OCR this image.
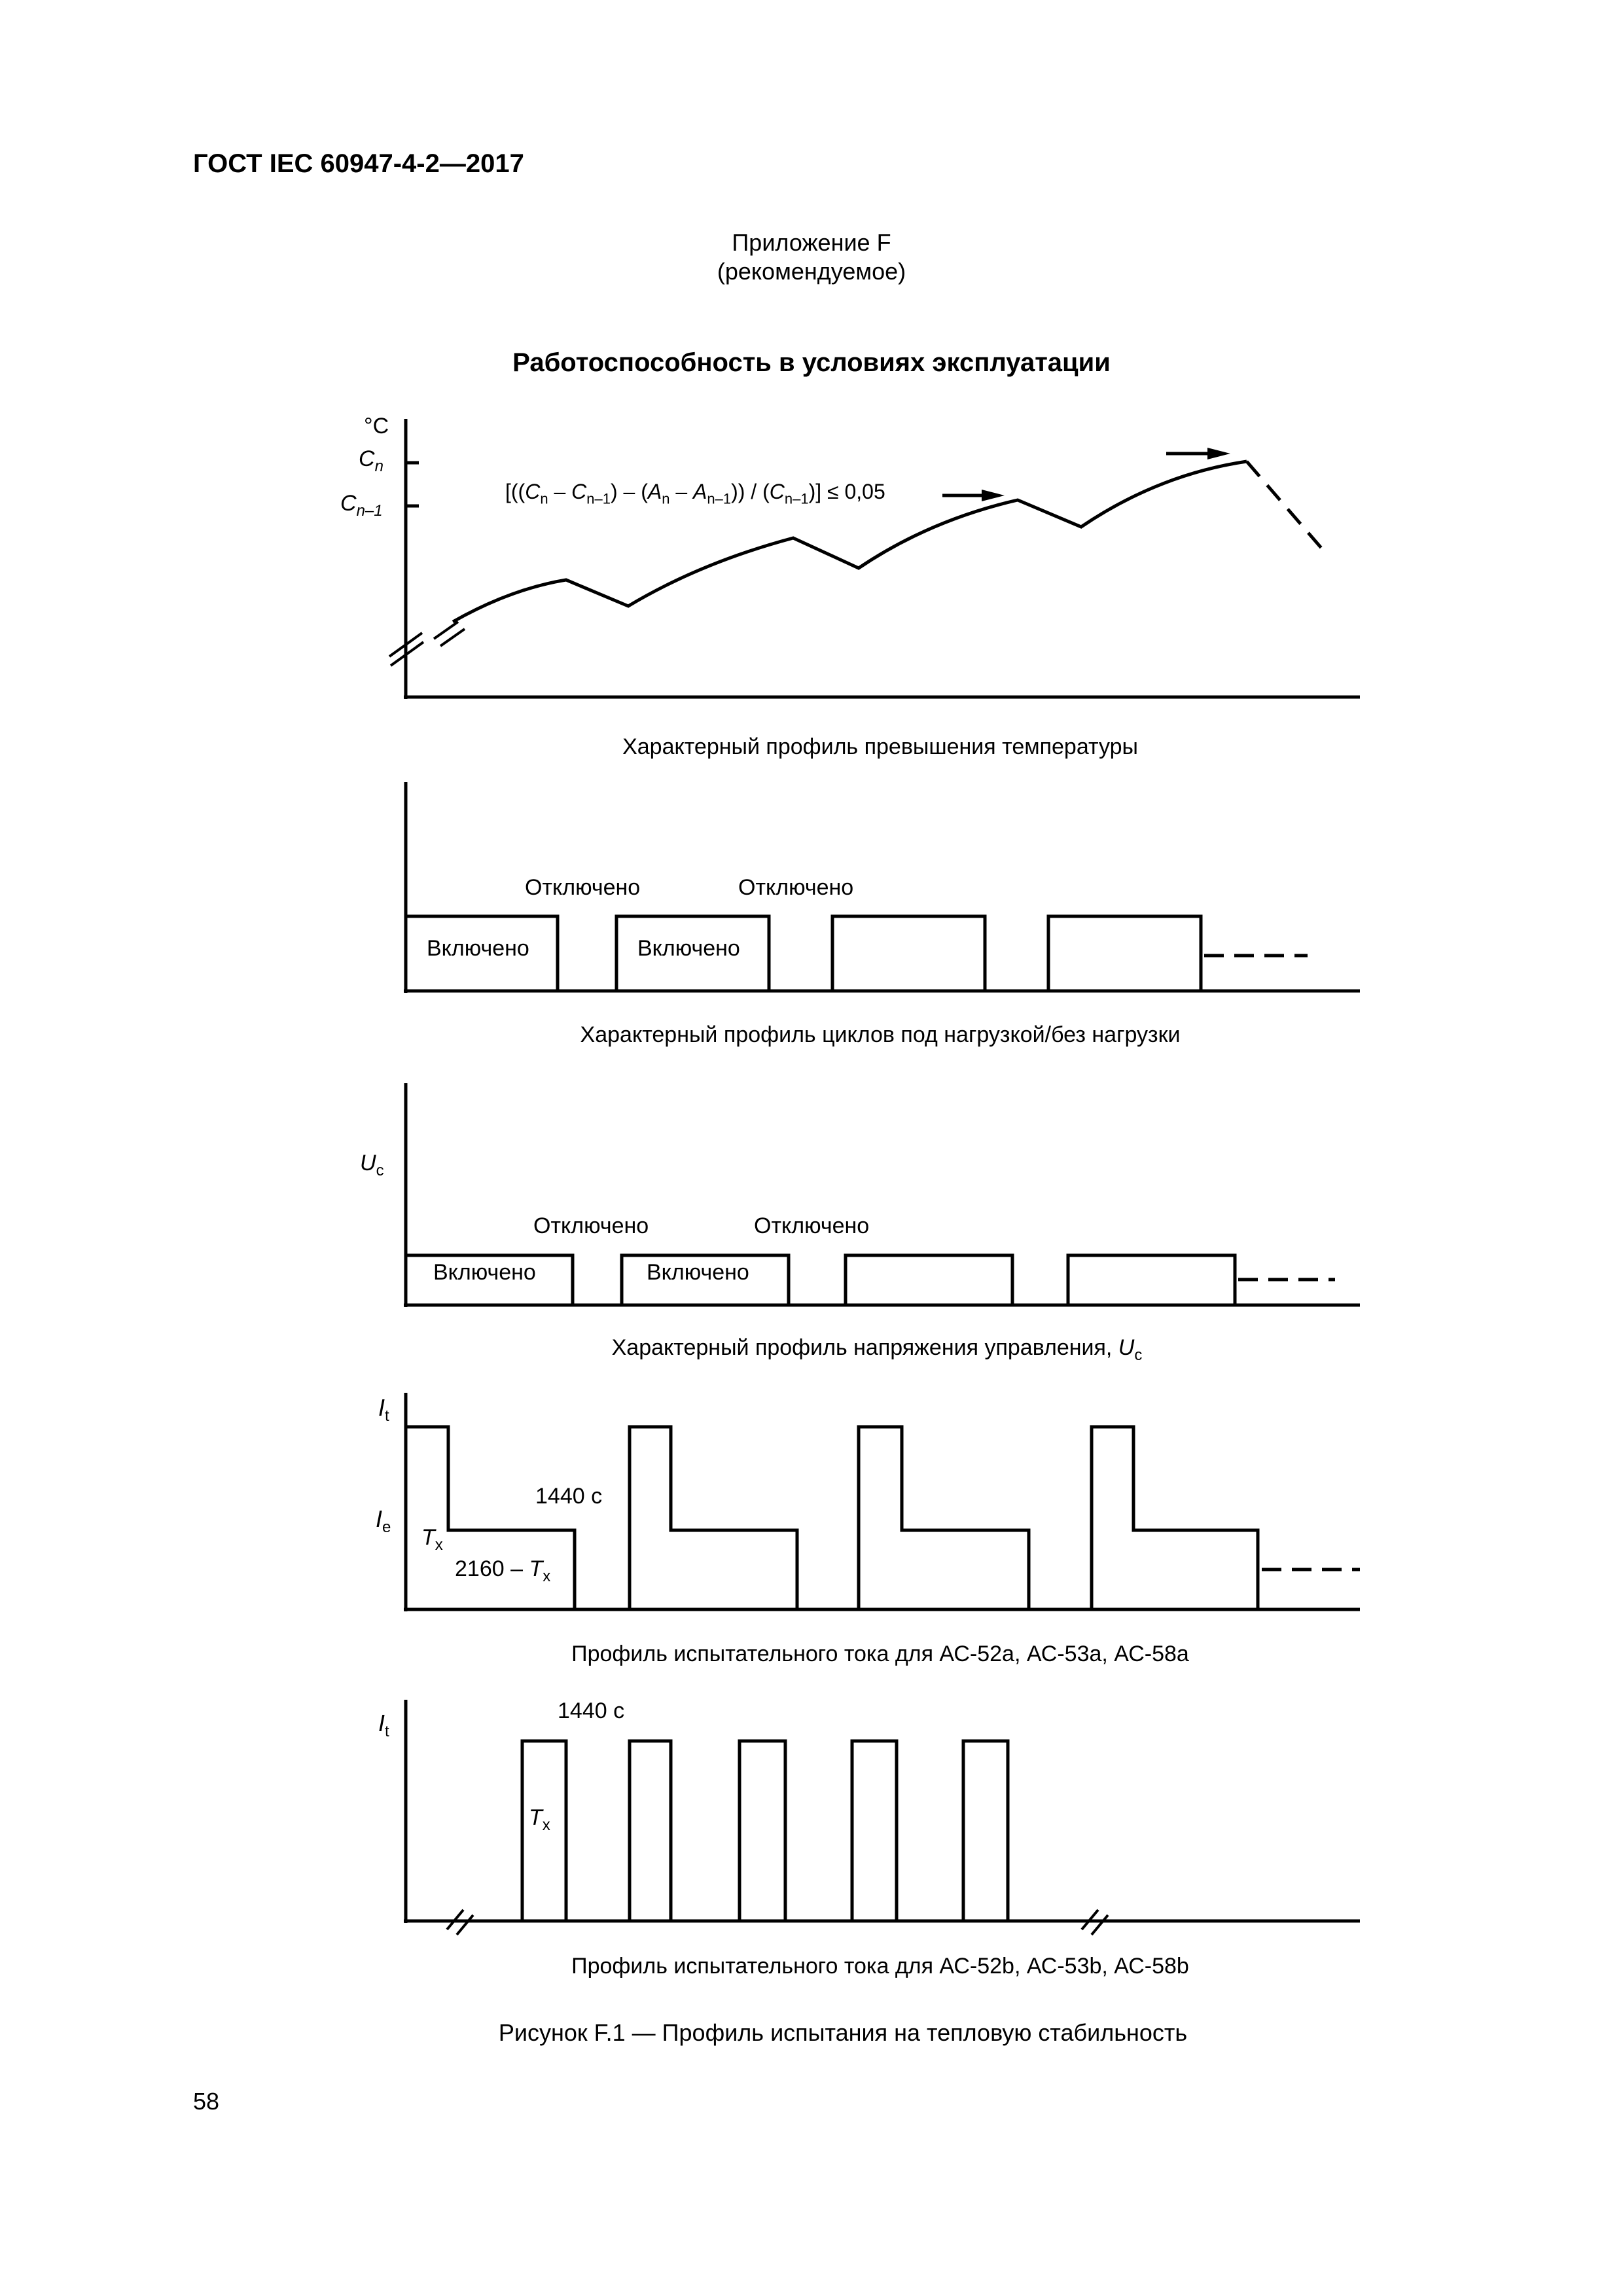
ГОСТ IEC 60947-4-2—2017
Приложение F
(рекомендуемое)
Работоспособность в условиях эксплуатации
°C
$C_n$
$C_{n-1}$
$[((C_n - C_{n-1}) - (A_n - A_{n-1})) / (C_{n-1})] \le 0,05$
Характерный профиль превышения температуры
Включено	Включено
Отключено	Отключено
Характерный профиль циклов под нагрузкой/без нагрузки
$U_c$
Включено	Включено
Отключено	Отключено
Характерный профиль напряжения управления, $U_c$
$I_t$
$I_e$ $T_x$
1440 с
$2160 - T_x$
Профиль испытательного тока для АС-52а, АС-53а, АС-58а
$I_t$
1440 с
$T_x$
Профиль испытательного тока для АС-52b, АС-53b, АС-58b
Рисунок F.1 — Профиль испытания на тепловую стабильность
58
